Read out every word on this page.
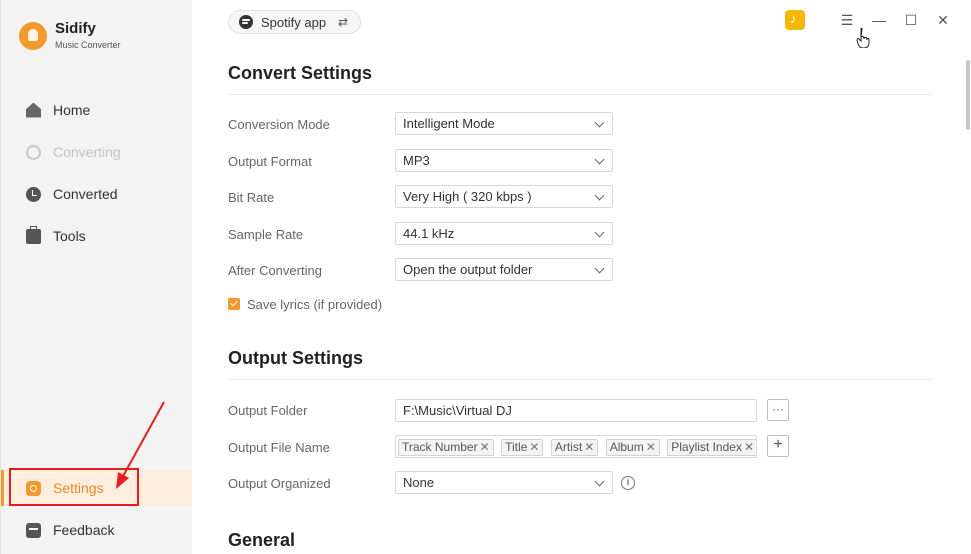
Sidify
Music Converter
Home
Converting
Converted
Tools
Settings
Feedback
Spotify app ⇄
♪	☰	—	☐	✕
Convert Settings
Conversion Mode	Intelligent Mode
Output Format	MP3
Bit Rate	Very High ( 320 kbps )
Sample Rate	44.1 kHz
After Converting	Open the output folder
Save lyrics (if provided)
Output Settings
Output Folder	F:\Music\Virtual DJ	···
Output File Name	Track Number ✕ Title ✕ Artist ✕ Album ✕ Playlist Index ✕	+
Output Organized	None	i
General
